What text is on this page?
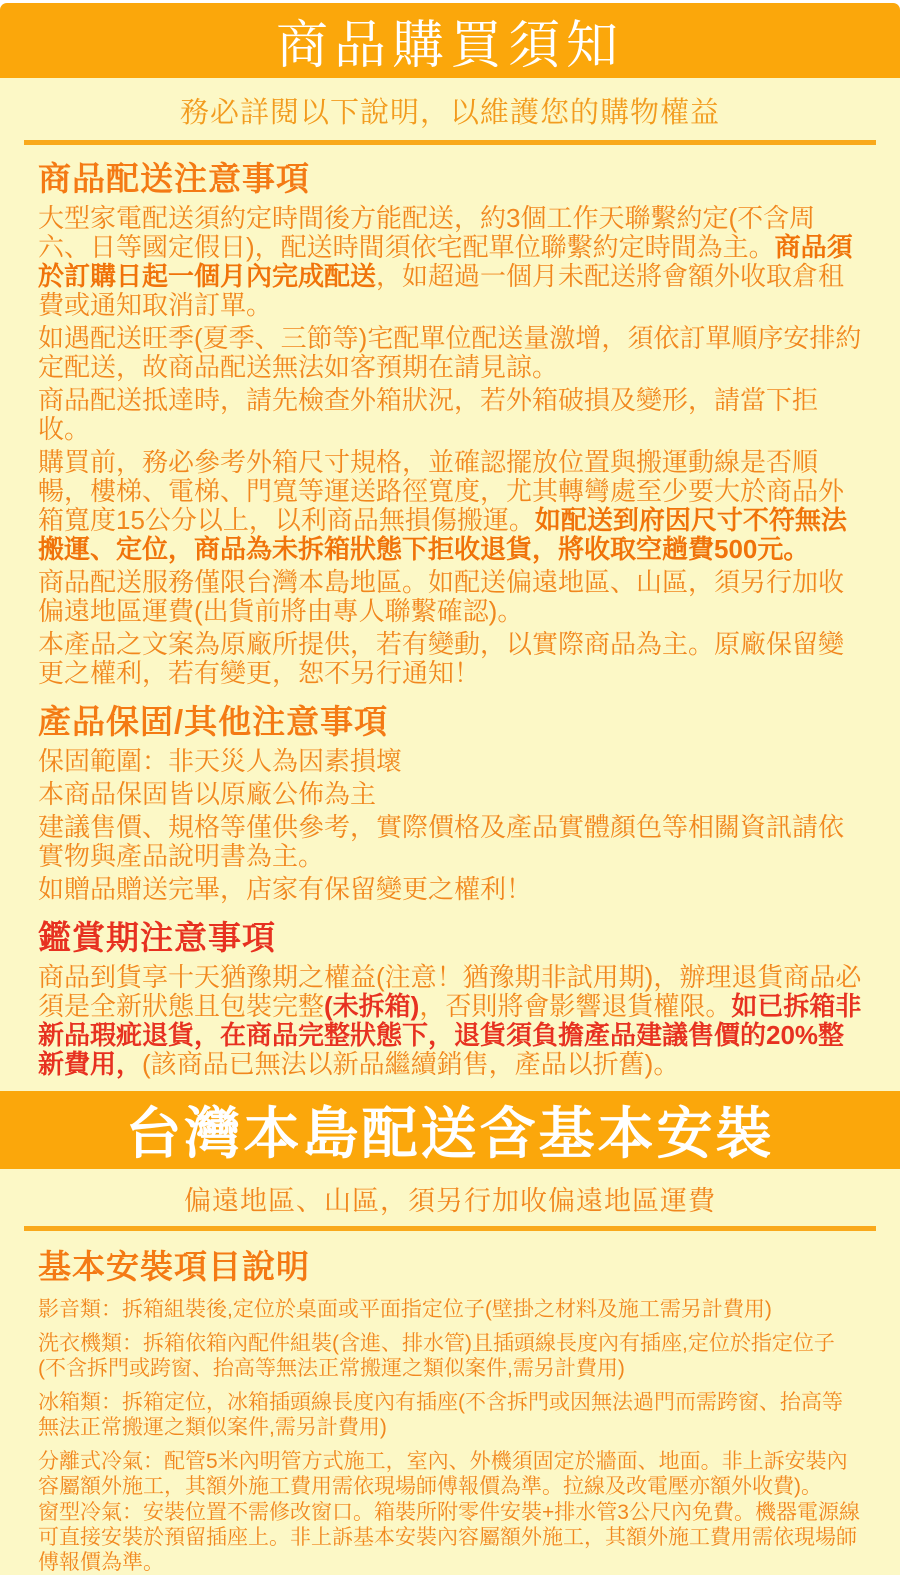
商品購買須知
務必詳閱以下說明，以維護您的購物權益
商品配送注意事項

大型家電配送須約定時間後方能配送，約3個工作天聯繫約定(不含周六、日等國定假日)，配送時間須依宅配單位聯繫約定時間為主。商品須於訂購日起一個月內完成配送，如超過一個月未配送將會額外收取倉租費或通知取消訂單。

如遇配送旺季(夏季、三節等)宅配單位配送量激增，須依訂單順序安排約定配送，故商品配送無法如客預期在請見諒。

商品配送抵達時，請先檢查外箱狀況，若外箱破損及變形，請當下拒收。

購買前，務必參考外箱尺寸規格，並確認擺放位置與搬運動線是否順暢，樓梯、電梯、門寬等運送路徑寬度，尤其轉彎處至少要大於商品外箱寬度15公分以上，以利商品無損傷搬運。如配送到府因尺寸不符無法搬運、定位，商品為未拆箱狀態下拒收退貨，將收取空趟費500元。

商品配送服務僅限台灣本島地區。如配送偏遠地區、山區，須另行加收偏遠地區運費(出貨前將由專人聯繫確認)。

本產品之文案為原廠所提供，若有變動，以實際商品為主。原廠保留變更之權利，若有變更，恕不另行通知！

產品保固/其他注意事項

保固範圍：非天災人為因素損壞

本商品保固皆以原廠公佈為主

建議售價、規格等僅供參考，實際價格及產品實體顏色等相關資訊請依實物與產品說明書為主。

如贈品贈送完畢，店家有保留變更之權利！

鑑賞期注意事項

商品到貨享十天猶豫期之權益(注意！猶豫期非試用期)，辦理退貨商品必須是全新狀態且包裝完整(未拆箱)，否則將會影響退貨權限。如已拆箱非新品瑕疵退貨，在商品完整狀態下，退貨須負擔產品建議售價的20%整新費用，(該商品已無法以新品繼續銷售，產品以折舊)。

台灣本島配送含基本安裝
偏遠地區、山區，須另行加收偏遠地區運費
基本安裝項目說明

影音類：拆箱組裝後,定位於桌面或平面指定位子(壁掛之材料及施工需另計費用)

洗衣機類：拆箱依箱內配件組裝(含進、排水管)且插頭線長度內有插座,定位於指定位子(不含拆門或跨窗、抬高等無法正常搬運之類似案件,需另計費用)

冰箱類：拆箱定位，冰箱插頭線長度內有插座(不含拆門或因無法過門而需跨窗、抬高等無法正常搬運之類似案件,需另計費用)

分離式冷氣：配管5米內明管方式施工，室內、外機須固定於牆面、地面。非上訴安裝內容屬額外施工，其額外施工費用需依現場師傅報價為準。拉線及改電壓亦額外收費)。

窗型冷氣：安裝位置不需修改窗口。箱裝所附零件安裝+排水管3公尺內免費。機器電源線可直接安裝於預留插座上。非上訴基本安裝內容屬額外施工，其額外施工費用需依現場師傅報價為準。
